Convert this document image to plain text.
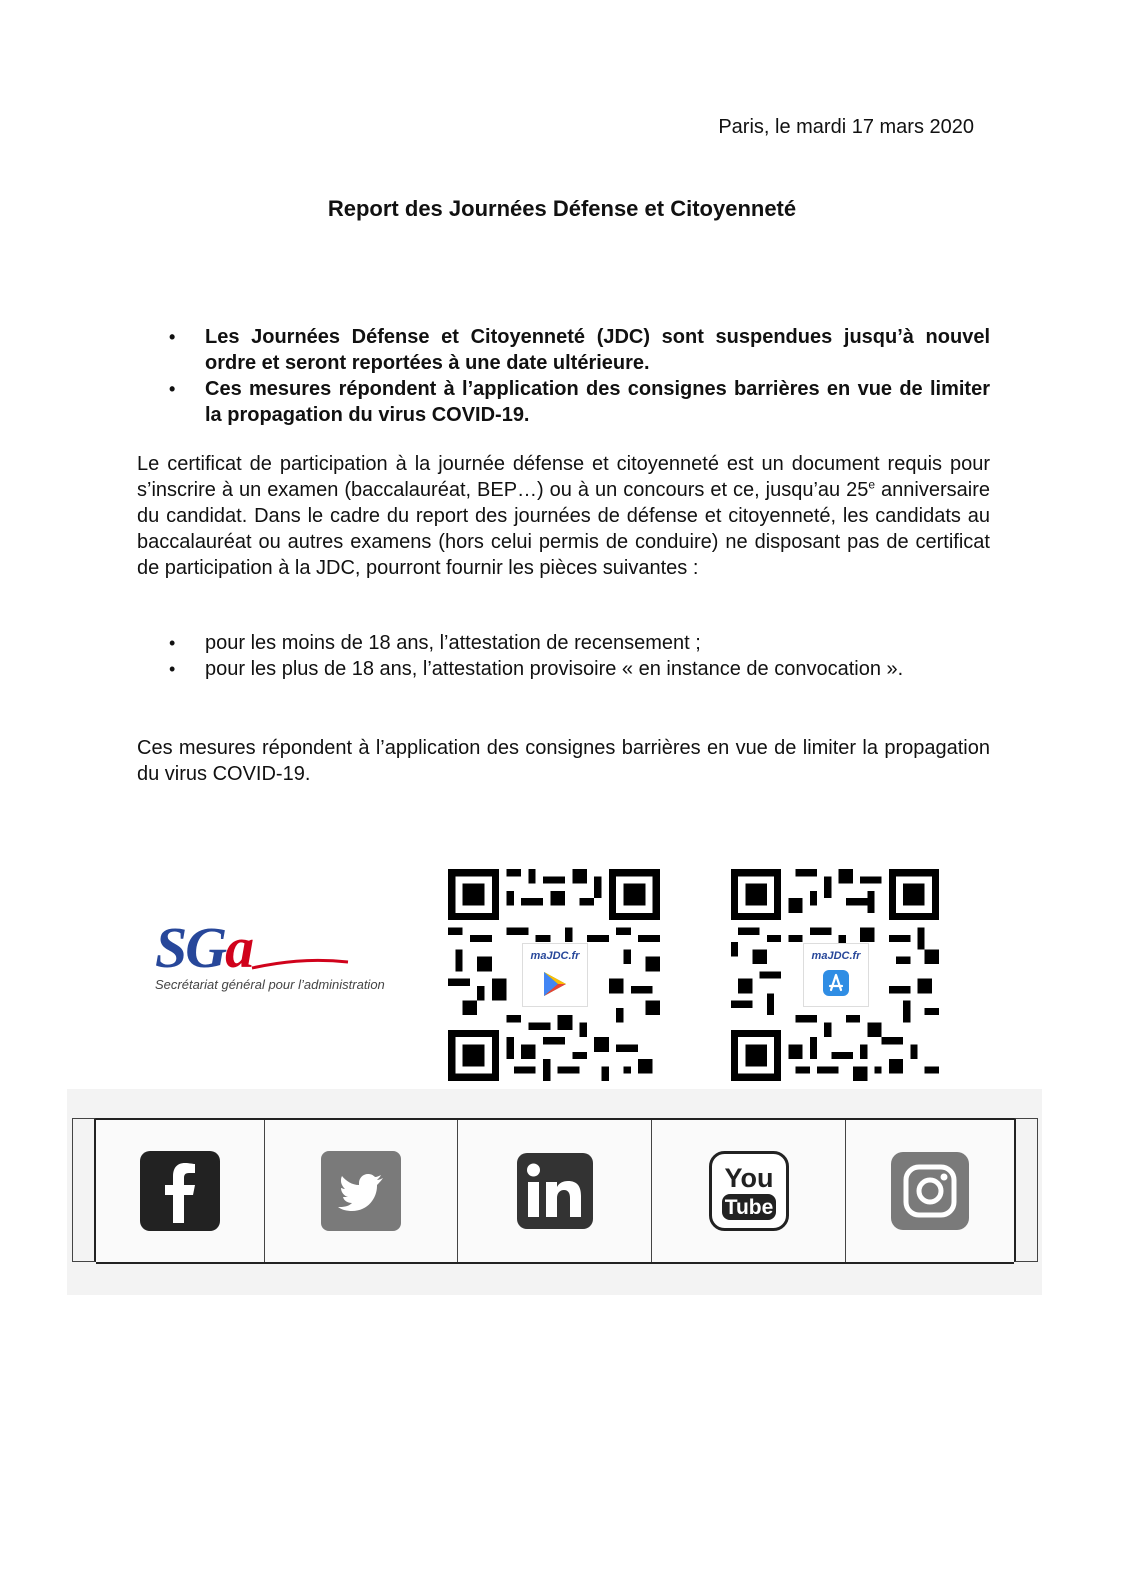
Paris, le mardi 17 mars 2020
Report des Journées Défense et Citoyenneté
• Les Journées Défense et Citoyenneté (JDC) sont suspendues jusqu’à nouvel ordre et seront reportées à une date ultérieure.
• Ces mesures répondent à l’application des consignes barrières en vue de limiter la propagation du virus COVID-19.

Le certificat de participation à la journée défense et citoyenneté est un document requis pour s’inscrire à un examen (baccalauréat, BEP…) ou à un concours et ce, jusqu’au 25e anniversaire du candidat. Dans le cadre du report des journées de défense et citoyenneté, les candidats au baccalauréat ou autres examens (hors celui permis de conduire) ne disposant pas de certificat de participation à la JDC, pourront fournir les pièces suivantes :

• pour les moins de 18 ans, l’attestation de recensement ;
• pour les plus de 18 ans, l’attestation provisoire « en instance de convocation ».

Ces mesures répondent à l’application des consignes barrières en vue de limiter la propagation du virus COVID-19.

SGa
Secrétariat général pour l’administration
maJDC.fr	maJDC.fr
You
Tube
